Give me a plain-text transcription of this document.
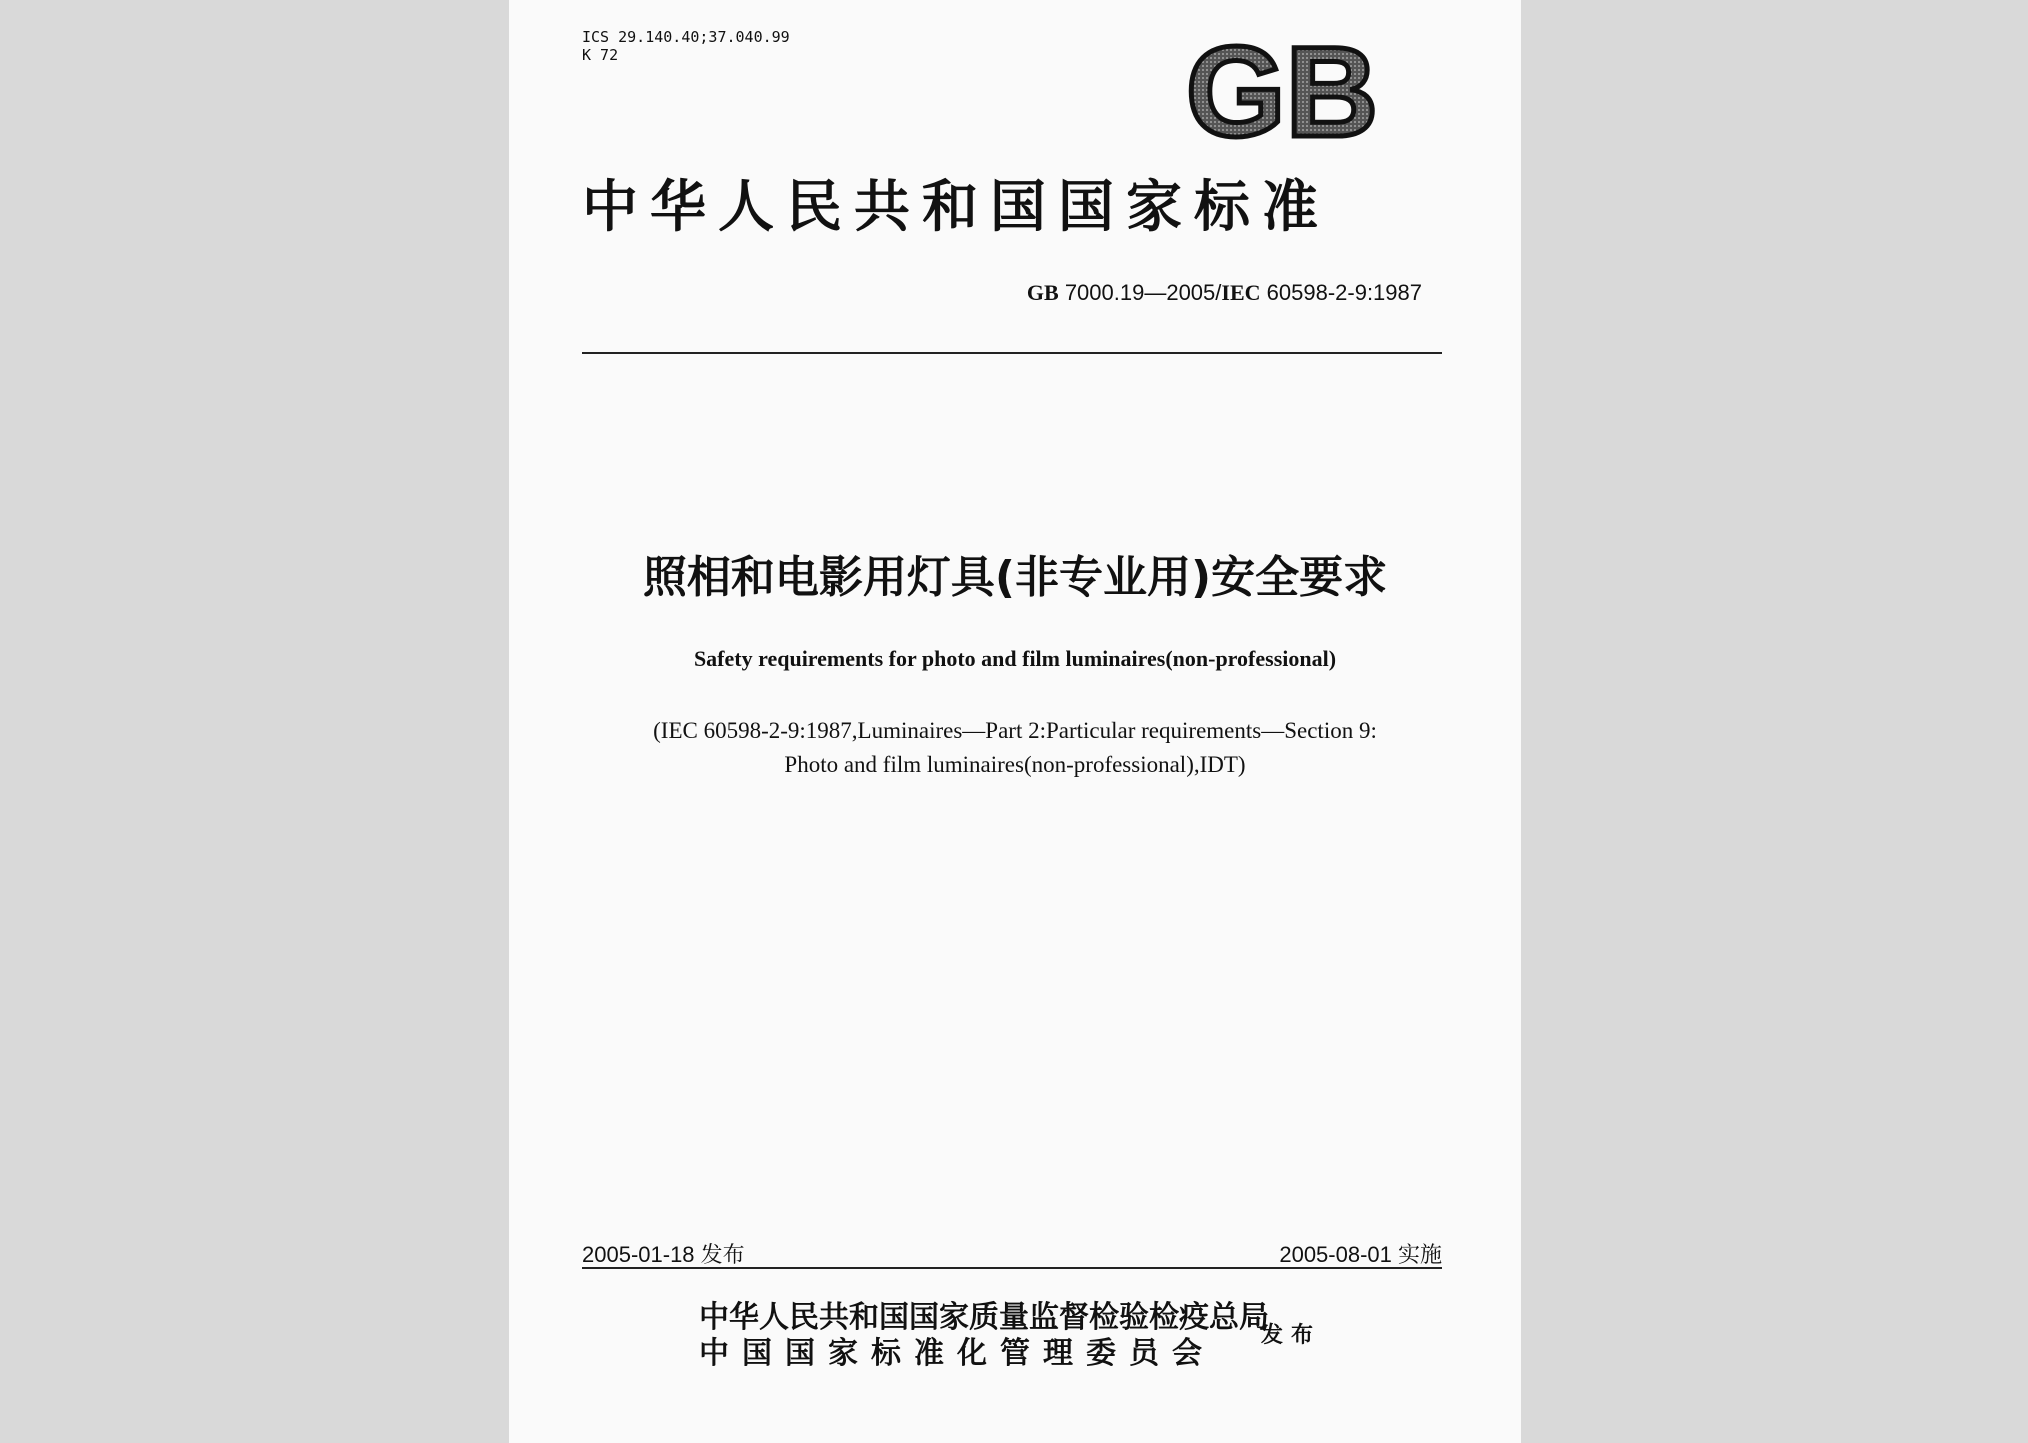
ICS 29.140.40;37.040.99
K 72	GB
中华人民共和国国家标准
GB 7000.19—2005/IEC 60598-2-9:1987
照相和电影用灯具(非专业用)安全要求
Safety requirements for photo and film luminaires(non-professional)
(IEC 60598-2-9:1987,Luminaires—Part 2:Particular requirements—Section 9:
Photo and film luminaires(non-professional),IDT)
2005-01-18 发布	2005-08-01 实施
中华人民共和国国家质量监督检验检疫总局
中国国家标准化管理委员会
发布
